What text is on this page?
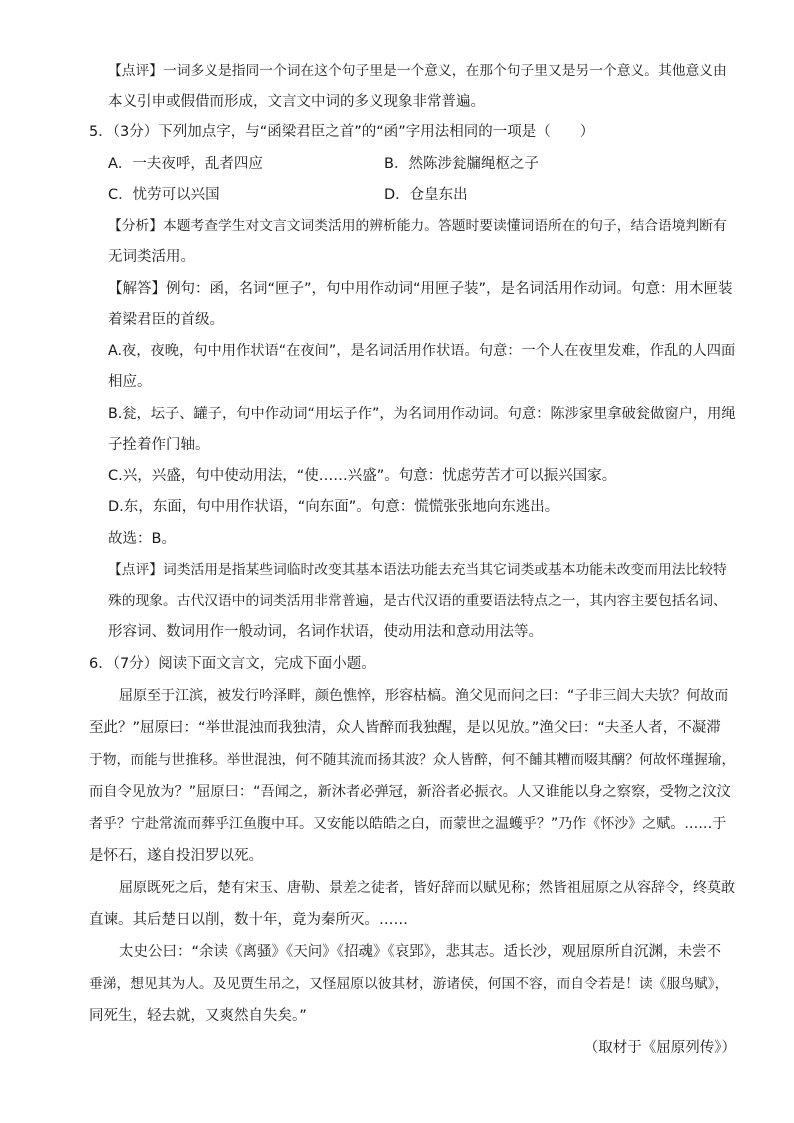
【点评】一词多义是指同一个词在这个句子里是一个意义，在那个句子里又是另一个意义。其他意义由
本义引申或假借而形成，文言文中词的多义现象非常普遍。
5．（3分）下列加点字，与“函梁君臣之首”的“函”字用法相同的一项是（　　）
A．一夫夜呼，乱者四应	B．然陈涉瓮牖绳枢之子
C．忧劳可以兴国	D．仓皇东出
【分析】本题考查学生对文言文词类活用的辨析能力。答题时要读懂词语所在的句子，结合语境判断有
无词类活用。
【解答】例句：函，名词“匣子”，句中用作动词“用匣子装”，是名词活用作动词。句意：用木匣装
着梁君臣的首级。
A.夜，夜晚，句中用作状语“在夜间”，是名词活用作状语。句意：一个人在夜里发难，作乱的人四面
相应。
B.瓮，坛子、罐子，句中作动词“用坛子作”，为名词用作动词。句意：陈涉家里拿破瓮做窗户，用绳
子拴着作门轴。
C.兴，兴盛，句中使动用法，“使……兴盛”。句意：忧虑劳苦才可以振兴国家。
D.东，东面，句中用作状语，“向东面”。句意：慌慌张张地向东逃出。
故选：B。
【点评】词类活用是指某些词临时改变其基本语法功能去充当其它词类或基本功能未改变而用法比较特
殊的现象。古代汉语中的词类活用非常普遍，是古代汉语的重要语法特点之一，其内容主要包括名词、
形容词、数词用作一般动词，名词作状语，使动用法和意动用法等。
6．（7分）阅读下面文言文，完成下面小题。
屈原至于江滨，被发行吟泽畔，颜色憔悴，形容枯槁。渔父见而问之曰：“子非三闾大夫欤？何故而
至此？”屈原曰：“举世混浊而我独清，众人皆醉而我独醒，是以见放。”渔父曰：“夫圣人者，不凝滞
于物，而能与世推移。举世混浊，何不随其流而扬其波？众人皆醉，何不餔其糟而啜其醨？何故怀瑾握瑜，
而自令见放为？”屈原曰：“吾闻之，新沐者必弹冠，新浴者必振衣。人又谁能以身之察察，受物之汶汶
者乎？宁赴常流而葬乎江鱼腹中耳。又安能以皓皓之白，而蒙世之温蠖乎？”乃作《怀沙》之赋。……于
是怀石，遂自投汨罗以死。
屈原既死之后，楚有宋玉、唐勒、景差之徒者，皆好辞而以赋见称；然皆祖屈原之从容辞令，终莫敢
直谏。其后楚日以削，数十年，竟为秦所灭。……
太史公曰：“余读《离骚》《天问》《招魂》《哀郢》，悲其志。适长沙，观屈原所自沉渊，未尝不
垂涕，想见其为人。及见贾生吊之，又怪屈原以彼其材，游诸侯，何国不容，而自令若是！读《服鸟赋》，
同死生，轻去就，又爽然自失矣。”
（取材于《屈原列传》）
